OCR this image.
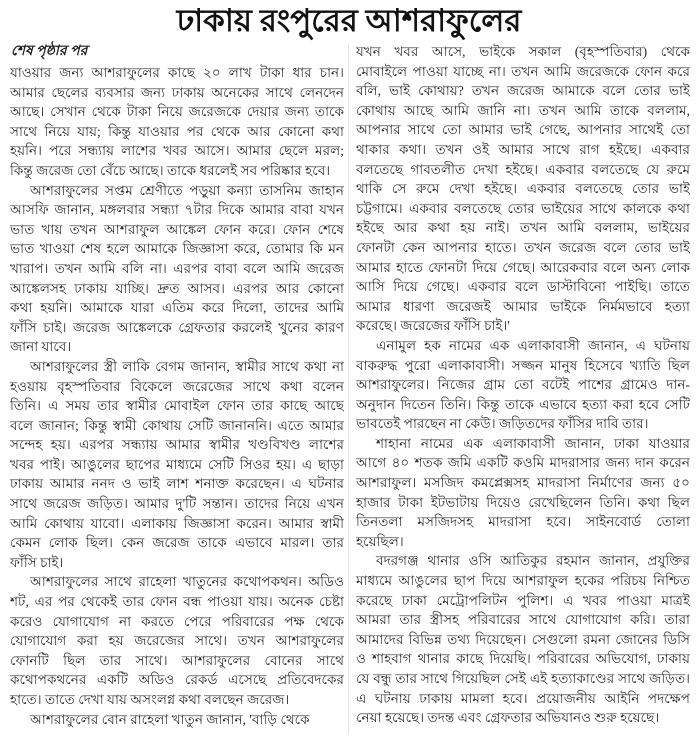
ঢাকায় রংপুরের আশরাফুলের
শেষ পৃষ্ঠার পর
যাওয়ার জন্য আশরাফুলের কাছে ২০ লাখ টাকা ধার চান।
আমার ছেলের ব্যবসার জন্য ঢাকায় অনেকের সাথে লেনদেন
আছে। সেখান থেকে টাকা নিয়ে জরেজকে দেয়ার জন্য তাকে
সাথে নিয়ে যায়; কিন্তু যাওয়ার পর থেকে আর কোনো কথা
হয়নি। পরে সন্ধ্যায় লাশের খবর আসে। আমার ছেলে মরল;
কিন্তু জরেজ তো বেঁচে আছে। তাকে ধরলেই সব পরিষ্কার হবে।
আশরাফুলের সপ্তম শ্রেণীতে পড়ুয়া কন্যা তাসনিম জাহান
আসফি জানান, মঙ্গলবার সন্ধ্যা ৭টার দিকে আমার বাবা যখন
ভাত খায় তখন আশরাফুল আঙ্কেল ফোন করে। ফোন শেষে
ভাত খাওয়া শেষ হলে আমাকে জিজ্ঞাসা করে, তোমার কি মন
খারাপ। তখন আমি বলি না। এরপর বাবা বলে আমি জরেজ
আঙ্কেলসহ ঢাকায় যাচ্ছি। দ্রুত আসব। এরপর আর কোনো
কথা হয়নি। আমাকে যারা এতিম করে দিলো, তাদের আমি
ফাঁসি চাই। জরেজ আঙ্কেলকে গ্রেফতার করলেই খুনের কারণ
জানা যাবে।
আশরাফুলের স্ত্রী লাকি বেগম জানান, স্বামীর সাথে কথা না
হওয়ায় বৃহস্পতিবার বিকেলে জরেজের সাথে কথা বলেন
তিনি। এ সময় তার স্বামীর মোবাইল ফোন তার কাছে আছে
বলে জানান; কিন্তু স্বামী কোথায় সেটি জানাননি। এতে আমার
সন্দেহ হয়। এরপর সন্ধ্যায় আমার স্বামীর খণ্ডবিখণ্ড লাশের
খবর পাই। আঙুলের ছাপের মাধ্যমে সেটি সিওর হয়। এ ছাড়া
ঢাকায় আমার ননদ ও ভাই লাশ শনাক্ত করেছেন। এ ঘটনার
সাথে জরেজ জড়িত। আমার দু'টি সন্তান। তাদের নিয়ে এখন
আমি কোথায় যাবো। এলাকায় জিজ্ঞাসা করেন। আমার স্বামী
কেমন লোক ছিল। কেন জরেজ তাকে এভাবে মারল। তার
ফাঁসি চাই।
আশরাফুলের সাথে রাহেলা খাতুনের কথোপকথন। অডিও
শট, এর পর থেকেই তার ফোন বন্ধ পাওয়া যায়। অনেক চেষ্টা
করেও যোগাযোগ না করতে পেরে পরিবারের পক্ষ থেকে
যোগাযোগ করা হয় জরেজের সাথে। তখন আশরাফুলের
ফোনটি ছিল তার সাথে। আশরাফুলের বোনের সাথে
কথোপকথনের একটি অডিও রেকর্ড এসেছে প্রতিবেদকের
হাতে। তাতে দেখা যায় অসংলগ্ন কথা বলছেন জরেজ।
আশরাফুলের বোন রাহেলা খাতুন জানান, 'বাড়ি থেকে
যখন খবর আসে, ভাইকে সকাল (বৃহস্পতিবার) থেকে
মোবাইলে পাওয়া যাচ্ছে না। তখন আমি জরেজকে ফোন করে
বলি, ভাই কোথায়? তখন জরেজ আমাকে বলে তোর ভাই
কোথায় আছে আমি জানি না। তখন আমি তাকে বললাম,
আপনার সাথে তো আমার ভাই গেছে, আপনার সাথেই তো
থাকার কথা। তখন ওই আমার সাথে রাগ হইছে। একবার
বলতেছে গাবতলীত দেখা হইছে। একবার বলতেছে যে রুমে
থাকি সে রুমে দেখা হইছে। একবার বলতেছে তোর ভাই
চট্টগামে। একবার বলতেছে তোর ভাইয়ের সাথে কালকে কথা
হইছে আর কথা হয় নাই। তখন আমি বললাম, ভাইয়ের
ফোনটা কেন আপনার হাতে। তখন জরেজ বলে তোর ভাই
আমার হাতে ফোনটা দিয়ে গেছে। আরেকবার বলে অন্য লোক
আসি দিয়ে গেছে। একবার বলে ডাস্টাবিনো পাইছি। তাতে
আমার ধারণা জরেজই আমার ভাইকে নির্মমভাবে হত্যা
করেছে। জরেজের ফাঁসি চাই।'
এনামুল হক নামের এক এলাকাবাসী জানান, এ ঘটনায়
বাকরুদ্ধ পুরো এলাকাবাসী। সজ্জন মানুষ হিসেবে খ্যাতি ছিল
আশরাফুলের। নিজের গ্রাম তো বটেই পাশের গ্রামেও দান-
অনুদান দিতেন তিনি। কিন্তু তাকে এভাবে হত্যা করা হবে সেটি
ভাবতেই পারছেন না কেউ। জড়িতদের ফাঁসির দাবি তার।
শাহানা নামের এক এলাকাবাসী জানান, ঢাকা যাওয়ার
আগে ৪০ শতক জমি একটি কওমি মাদরাসার জন্য দান করেন
আশরাফুল। মসজিদ কমপ্লেক্সসহ মাদরাসা নির্মাণের জন্য ৫০
হাজার টাকা ইটভাটায় দিয়েও রেখেছিলেন তিনি। কথা ছিল
তিনতলা মসজিদসহ মাদরাসা হবে। সাইনবোর্ড তোলা
হয়েছিল।
বদরগঞ্জ থানার ওসি আতিকুর রহমান জানান, প্রযুক্তির
মাধ্যমে আঙুলের ছাপ দিয়ে আশরাফুল হকের পরিচয় নিশ্চিত
করেছে ঢাকা মেট্রোপলিটন পুলিশ। এ খবর পাওয়া মাত্রই
আমরা তার স্ত্রীসহ পরিবারের সাথে যোগাযোগ করি। তারা
আমাদের বিভিন্ন তথ্য দিয়েছেন। সেগুলো রমনা জোনের ডিসি
ও শাহবাগ থানার কাছে দিয়েছি। পরিবারের অভিযোগ, ঢাকায়
যে বন্ধু তার সাথে গিয়েছিল সেই এই হত্যাকাণ্ডের সাথে জড়িত।
এ ঘটনায় ঢাকায় মামলা হবে। প্রয়োজনীয় আইনি পদক্ষেপ
নেয়া হয়েছে। তদন্ত এবং গ্রেফতার অভিযানও শুরু হয়েছে।
